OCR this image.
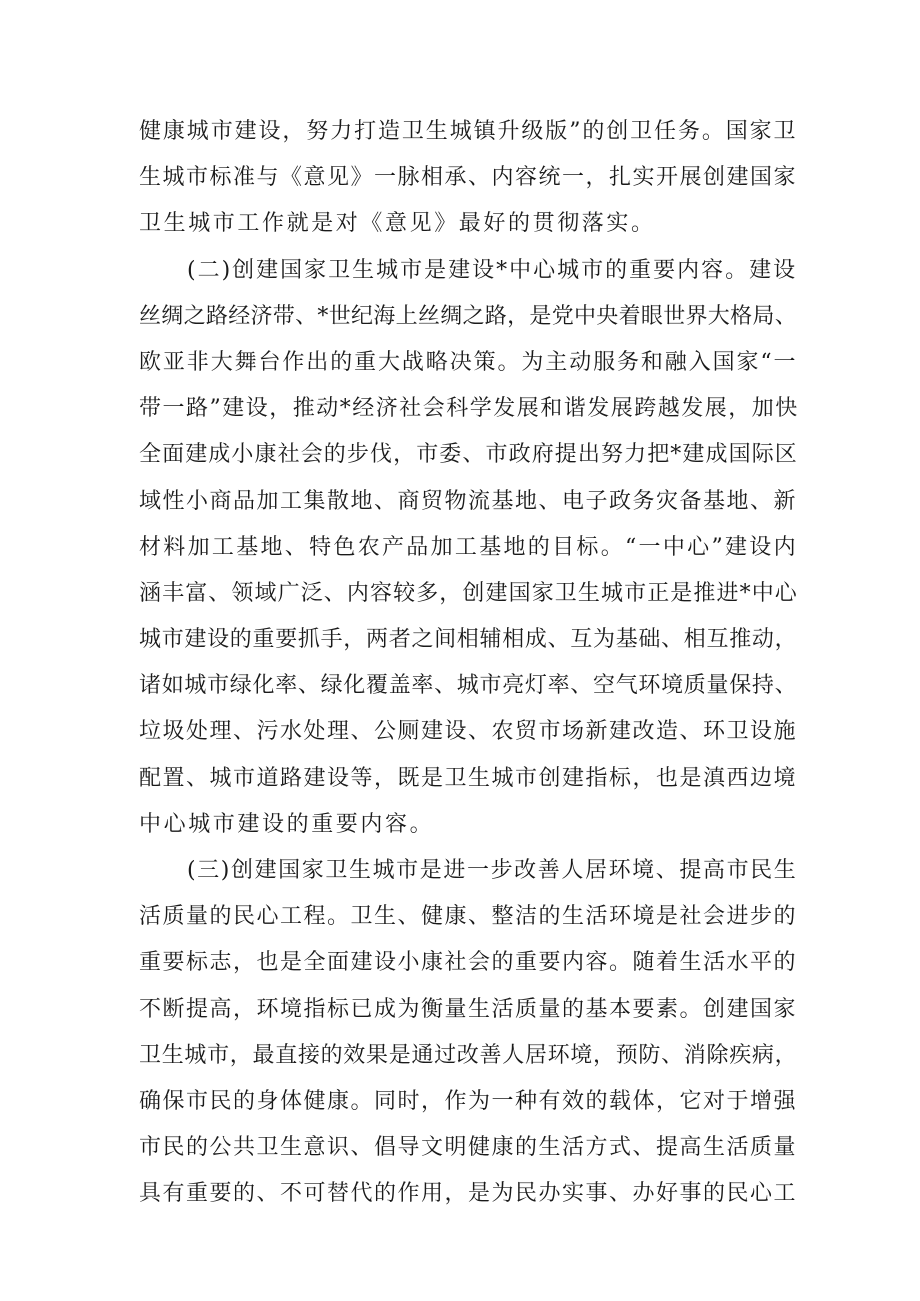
健康城市建设，努力打造卫生城镇升级版”的创卫任务。国家卫
生城市标准与《意见》一脉相承、内容统一，扎实开展创建国家
卫生城市工作就是对《意见》最好的贯彻落实。
(二)创建国家卫生城市是建设*中心城市的重要内容。建设
丝绸之路经济带、*世纪海上丝绸之路，是党中央着眼世界大格局、
欧亚非大舞台作出的重大战略决策。为主动服务和融入国家“一
带一路”建设，推动*经济社会科学发展和谐发展跨越发展，加快
全面建成小康社会的步伐，市委、市政府提出努力把*建成国际区
域性小商品加工集散地、商贸物流基地、电子政务灾备基地、新
材料加工基地、特色农产品加工基地的目标。“一中心”建设内
涵丰富、领域广泛、内容较多，创建国家卫生城市正是推进*中心
城市建设的重要抓手，两者之间相辅相成、互为基础、相互推动，
诸如城市绿化率、绿化覆盖率、城市亮灯率、空气环境质量保持、
垃圾处理、污水处理、公厕建设、农贸市场新建改造、环卫设施
配置、城市道路建设等，既是卫生城市创建指标，也是滇西边境
中心城市建设的重要内容。
(三)创建国家卫生城市是进一步改善人居环境、提高市民生
活质量的民心工程。卫生、健康、整洁的生活环境是社会进步的
重要标志，也是全面建设小康社会的重要内容。随着生活水平的
不断提高，环境指标已成为衡量生活质量的基本要素。创建国家
卫生城市，最直接的效果是通过改善人居环境，预防、消除疾病，
确保市民的身体健康。同时，作为一种有效的载体，它对于增强
市民的公共卫生意识、倡导文明健康的生活方式、提高生活质量
具有重要的、不可替代的作用，是为民办实事、办好事的民心工
